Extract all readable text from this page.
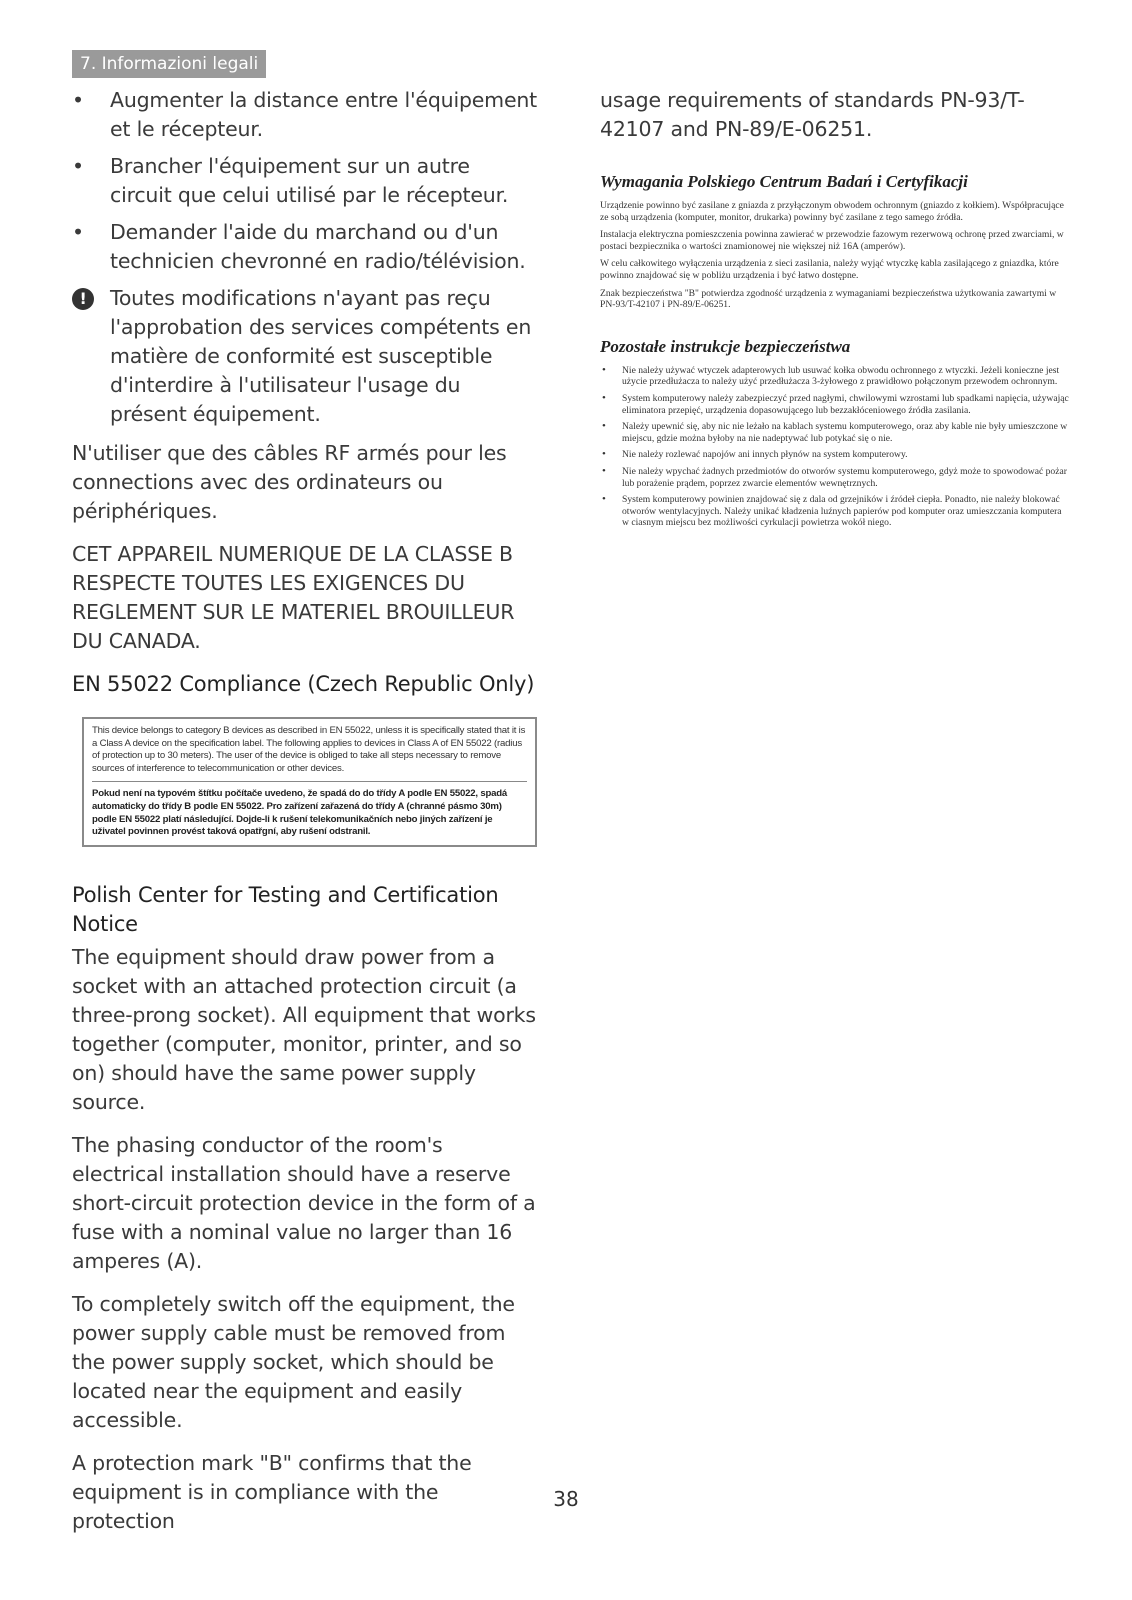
7. Informazioni legali
• Augmenter la distance entre l'équipement et le récepteur.
• Brancher l'équipement sur un autre circuit que celui utilisé par le récepteur.
• Demander l'aide du marchand ou d'un technicien chevronné en radio/télévision.
!	Toutes modifications n'ayant pas reçu l'approbation des services compétents en matière de conformité est susceptible d'interdire à l'utilisateur l'usage du présent équipement.

N'utiliser que des câbles RF armés pour les connections avec des ordinateurs ou périphériques.

CET APPAREIL NUMERIQUE DE LA CLASSE B RESPECTE TOUTES LES EXIGENCES DU REGLEMENT SUR LE MATERIEL BROUILLEUR DU CANADA.

EN 55022 Compliance (Czech Republic Only)

This device belongs to category B devices as described in EN 55022, unless it is specifically stated that it is a Class A device on the specification label. The following applies to devices in Class A of EN 55022 (radius of protection up to 30 meters). The user of the device is obliged to take all steps necessary to remove sources of interference to telecommunication or other devices.
Pokud není na typovém štítku počítače uvedeno, že spadá do do třídy A podle EN 55022, spadá automaticky do třídy B podle EN 55022. Pro zařízení zařazená do třídy A (chranné pásmo 30m) podle EN 55022 platí následující. Dojde-li k rušení telekomunikačních nebo jiných zařízení je uživatel povinnen provést taková opatřgní, aby rušení odstranil.

Polish Center for Testing and Certification Notice

The equipment should draw power from a socket with an attached protection circuit (a three-prong socket). All equipment that works together (computer, monitor, printer, and so on) should have the same power supply source.

The phasing conductor of the room's electrical installation should have a reserve short-circuit protection device in the form of a fuse with a nominal value no larger than 16 amperes (A).

To completely switch off the equipment, the power supply cable must be removed from the power supply socket, which should be located near the equipment and easily accessible.

A protection mark "B" confirms that the equipment is in compliance with the protection

usage requirements of standards PN-93/T-42107 and PN-89/E-06251.

Wymagania Polskiego Centrum Badań i Certyfikacji

Urządzenie powinno być zasilane z gniazda z przyłączonym obwodem ochronnym (gniazdo z kołkiem). Współpracujące ze sobą urządzenia (komputer, monitor, drukarka) powinny być zasilane z tego samego źródła.

Instalacja elektryczna pomieszczenia powinna zawierać w przewodzie fazowym rezerwową ochronę przed zwarciami, w postaci bezpiecznika o wartości znamionowej nie większej niż 16A (amperów).

W celu całkowitego wyłączenia urządzenia z sieci zasilania, należy wyjąć wtyczkę kabla zasilającego z gniazdka, które powinno znajdować się w pobliżu urządzenia i być łatwo dostępne.

Znak bezpieczeństwa "B" potwierdza zgodność urządzenia z wymaganiami bezpieczeństwa użytkowania zawartymi w PN-93/T-42107 i PN-89/E-06251.

Pozostałe instrukcje bezpieczeństwa

• Nie należy używać wtyczek adapterowych lub usuwać kołka obwodu ochronnego z wtyczki. Jeżeli konieczne jest użycie przedłużacza to należy użyć przedłużacza 3-żyłowego z prawidłowo połączonym przewodem ochronnym.
• System komputerowy należy zabezpieczyć przed nagłymi, chwilowymi wzrostami lub spadkami napięcia, używając eliminatora przepięć, urządzenia dopasowującego lub bezzakłóceniowego źródła zasilania.
• Należy upewnić się, aby nic nie leżało na kablach systemu komputerowego, oraz aby kable nie były umieszczone w miejscu, gdzie można byłoby na nie nadeptywać lub potykać się o nie.
• Nie należy rozlewać napojów ani innych płynów na system komputerowy.
• Nie należy wpychać żadnych przedmiotów do otworów systemu komputerowego, gdyż może to spowodować pożar lub porażenie prądem, poprzez zwarcie elementów wewnętrznych.
• System komputerowy powinien znajdować się z dala od grzejników i źródeł ciepła. Ponadto, nie należy blokować otworów wentylacyjnych. Należy unikać kładzenia luźnych papierów pod komputer oraz umieszczania komputera w ciasnym miejscu bez możliwości cyrkulacji powietrza wokół niego.
38
